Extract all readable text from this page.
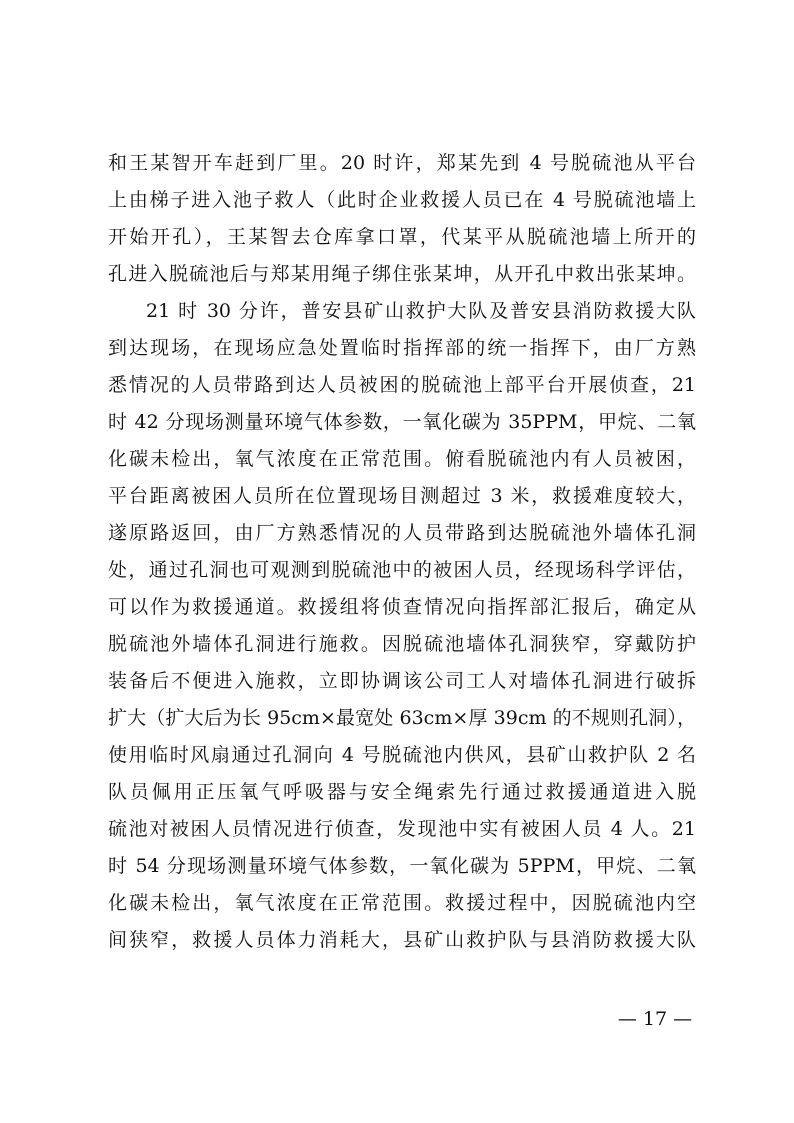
和王某智开车赶到厂里。20 时许，郑某先到 4 号脱硫池从平台
上由梯子进入池子救人（此时企业救援人员已在 4 号脱硫池墙上
开始开孔），王某智去仓库拿口罩，代某平从脱硫池墙上所开的
孔进入脱硫池后与郑某用绳子绑住张某坤，从开孔中救出张某坤。
21 时 30 分许，普安县矿山救护大队及普安县消防救援大队
到达现场，在现场应急处置临时指挥部的统一指挥下，由厂方熟
悉情况的人员带路到达人员被困的脱硫池上部平台开展侦查，21
时 42 分现场测量环境气体参数，一氧化碳为 35PPM，甲烷、二氧
化碳未检出，氧气浓度在正常范围。俯看脱硫池内有人员被困，
平台距离被困人员所在位置现场目测超过 3 米，救援难度较大，
遂原路返回，由厂方熟悉情况的人员带路到达脱硫池外墙体孔洞
处，通过孔洞也可观测到脱硫池中的被困人员，经现场科学评估，
可以作为救援通道。救援组将侦查情况向指挥部汇报后，确定从
脱硫池外墙体孔洞进行施救。因脱硫池墙体孔洞狭窄，穿戴防护
装备后不便进入施救，立即协调该公司工人对墙体孔洞进行破拆
扩大（扩大后为长 95cm×最宽处 63cm×厚 39cm 的不规则孔洞），
使用临时风扇通过孔洞向 4 号脱硫池内供风，县矿山救护队 2 名
队员佩用正压氧气呼吸器与安全绳索先行通过救援通道进入脱
硫池对被困人员情况进行侦查，发现池中实有被困人员 4 人。21
时 54 分现场测量环境气体参数，一氧化碳为 5PPM，甲烷、二氧
化碳未检出，氧气浓度在正常范围。救援过程中，因脱硫池内空
间狭窄，救援人员体力消耗大，县矿山救护队与县消防救援大队
— 17 —
